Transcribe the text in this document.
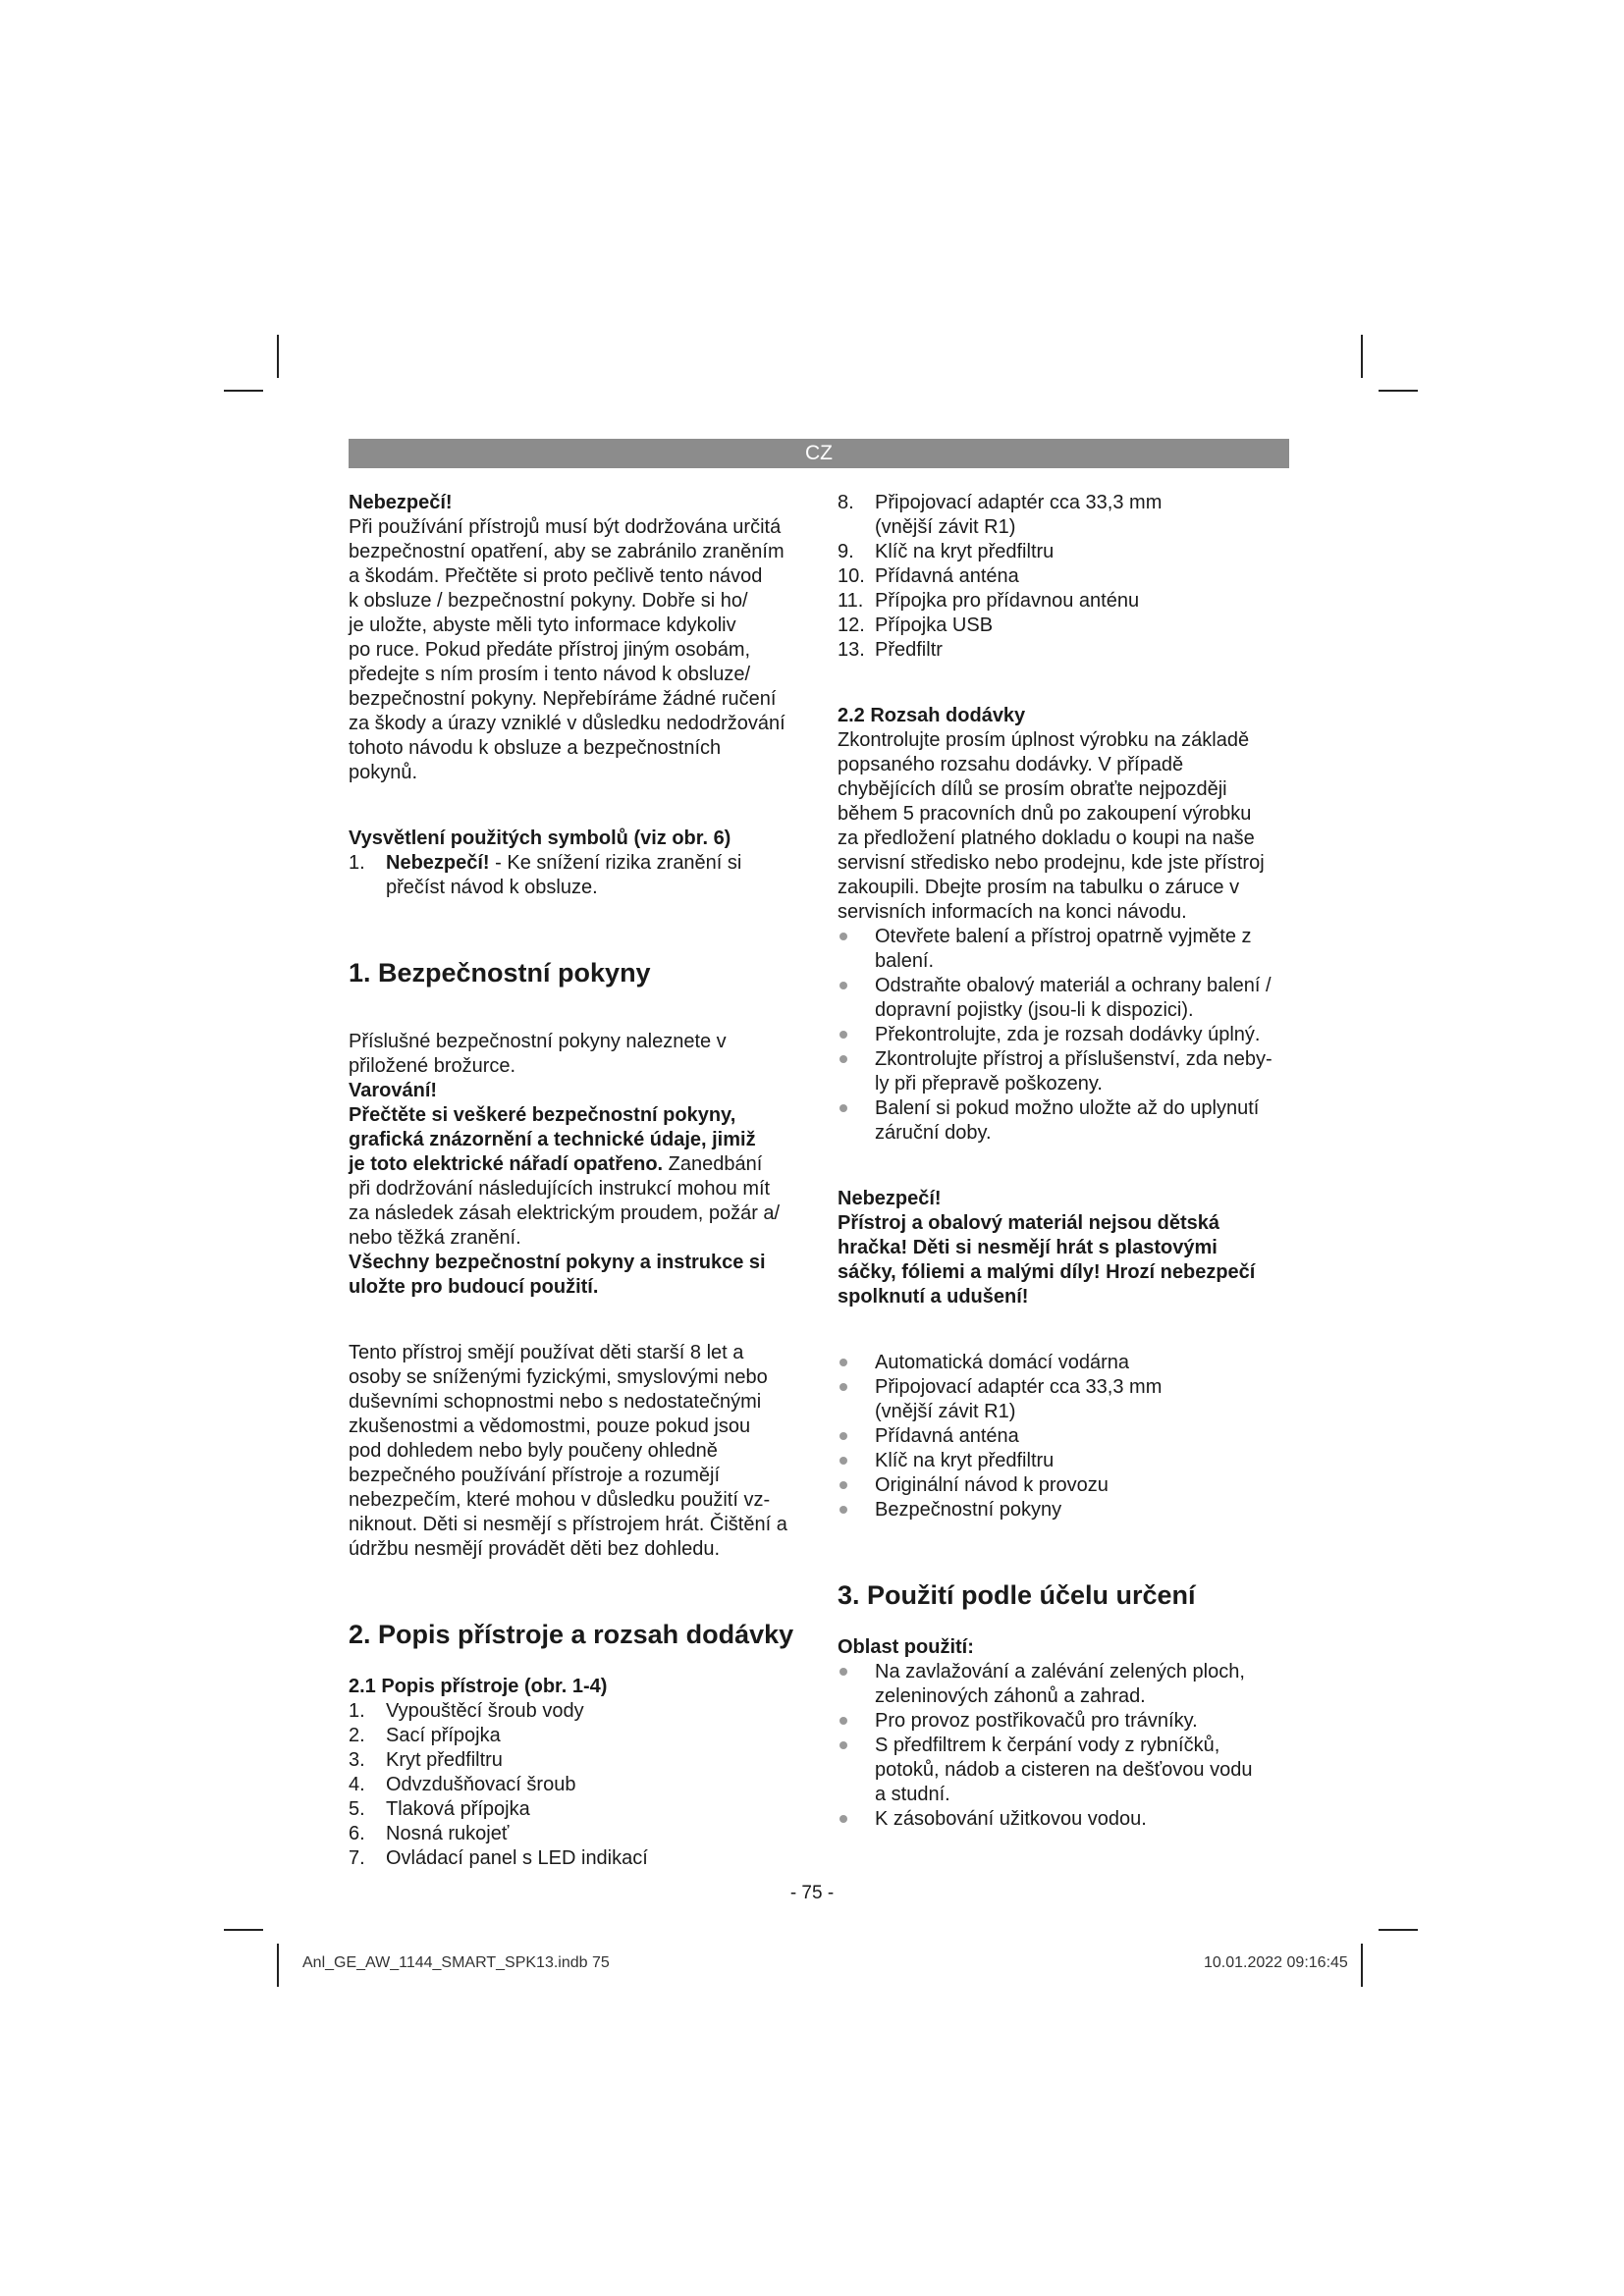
CZ

Nebezpečí!

Při používání přístrojů musí být dodržována určitá

bezpečnostní opatření, aby se zabránilo zraněním

a škodám. Přečtěte si proto pečlivě tento návod

k obsluze / bezpečnostní pokyny. Dobře si ho/

je uložte, abyste měli tyto informace kdykoliv

po ruce. Pokud předáte přístroj jiným osobám,

předejte s ním prosím i tento návod k obsluze/

bezpečnostní pokyny. Nepřebíráme žádné ručení

za škody a úrazy vzniklé v důsledku nedodržování

tohoto návodu k obsluze a bezpečnostních

pokynů.

Vysvětlení použitých symbolů (viz obr. 6)

1. Nebezpečí! - Ke snížení rizika zranění si
přečíst návod k obsluze.

1. Bezpečnostní pokyny

Příslušné bezpečnostní pokyny naleznete v

přiložené brožurce.

Varování!

Přečtěte si veškeré bezpečnostní pokyny,

grafická znázornění a technické údaje, jimiž

je toto elektrické nářadí opatřeno. Zanedbání

při dodržování následujících instrukcí mohou mít

za následek zásah elektrickým proudem, požár a/

nebo těžká zranění.

Všechny bezpečnostní pokyny a instrukce si

uložte pro budoucí použití.

Tento přístroj smějí používat děti starší 8 let a

osoby se sníženými fyzickými, smyslovými nebo

duševními schopnostmi nebo s nedostatečnými

zkušenostmi a vědomostmi, pouze pokud jsou

pod dohledem nebo byly poučeny ohledně

bezpečného používání přístroje a rozumějí

nebezpečím, které mohou v důsledku použití vz-

niknout. Děti si nesmějí s přístrojem hrát. Čištění a

údržbu nesmějí provádět děti bez dohledu.

2. Popis přístroje a rozsah dodávky

2.1 Popis přístroje (obr. 1-4)

1. Vypouštěcí šroub vody
2. Sací přípojka
3. Kryt předfiltru
4. Odvzdušňovací šroub
5. Tlaková přípojka
6. Nosná rukojeť
7. Ovládací panel s LED indikací
8. Připojovací adaptér cca 33,3 mm
(vnější závit R1)
9. Klíč na kryt předfiltru
10. Přídavná anténa
11. Přípojka pro přídavnou anténu
12. Přípojka USB
13. Předfiltr

2.2 Rozsah dodávky

Zkontrolujte prosím úplnost výrobku na základě

popsaného rozsahu dodávky. V případě

chybějících dílů se prosím obraťte nejpozději

během 5 pracovních dnů po zakoupení výrobku

za předložení platného dokladu o koupi na naše

servisní středisko nebo prodejnu, kde jste přístroj

zakoupili. Dbejte prosím na tabulku o záruce v

servisních informacích na konci návodu.

Otevřete balení a přístroj opatrně vyjměte z
balení.
Odstraňte obalový materiál a ochrany balení /
dopravní pojistky (jsou-li k dispozici).
Překontrolujte, zda je rozsah dodávky úplný.
Zkontrolujte přístroj a příslušenství, zda neby-
ly při přepravě poškozeny.
Balení si pokud možno uložte až do uplynutí
záruční doby.

Nebezpečí!

Přístroj a obalový materiál nejsou dětská

hračka! Děti si nesmějí hrát s plastovými

sáčky, fóliemi a malými díly! Hrozí nebezpečí

spolknutí a udušení!

Automatická domácí vodárna
Připojovací adaptér cca 33,3 mm
(vnější závit R1)
Přídavná anténa
Klíč na kryt předfiltru
Originální návod k provozu
Bezpečnostní pokyny

3. Použití podle účelu určení

Oblast použití:

Na zavlažování a zalévání zelených ploch,
zeleninových záhonů a zahrad.
Pro provoz postřikovačů pro trávníky.
S předfiltrem k čerpání vody z rybníčků,
potoků, nádob a cisteren na dešťovou vodu
a studní.
K zásobování užitkovou vodou.
- 75 -
Anl_GE_AW_1144_SMART_SPK13.indb 75	10.01.2022 09:16:45
